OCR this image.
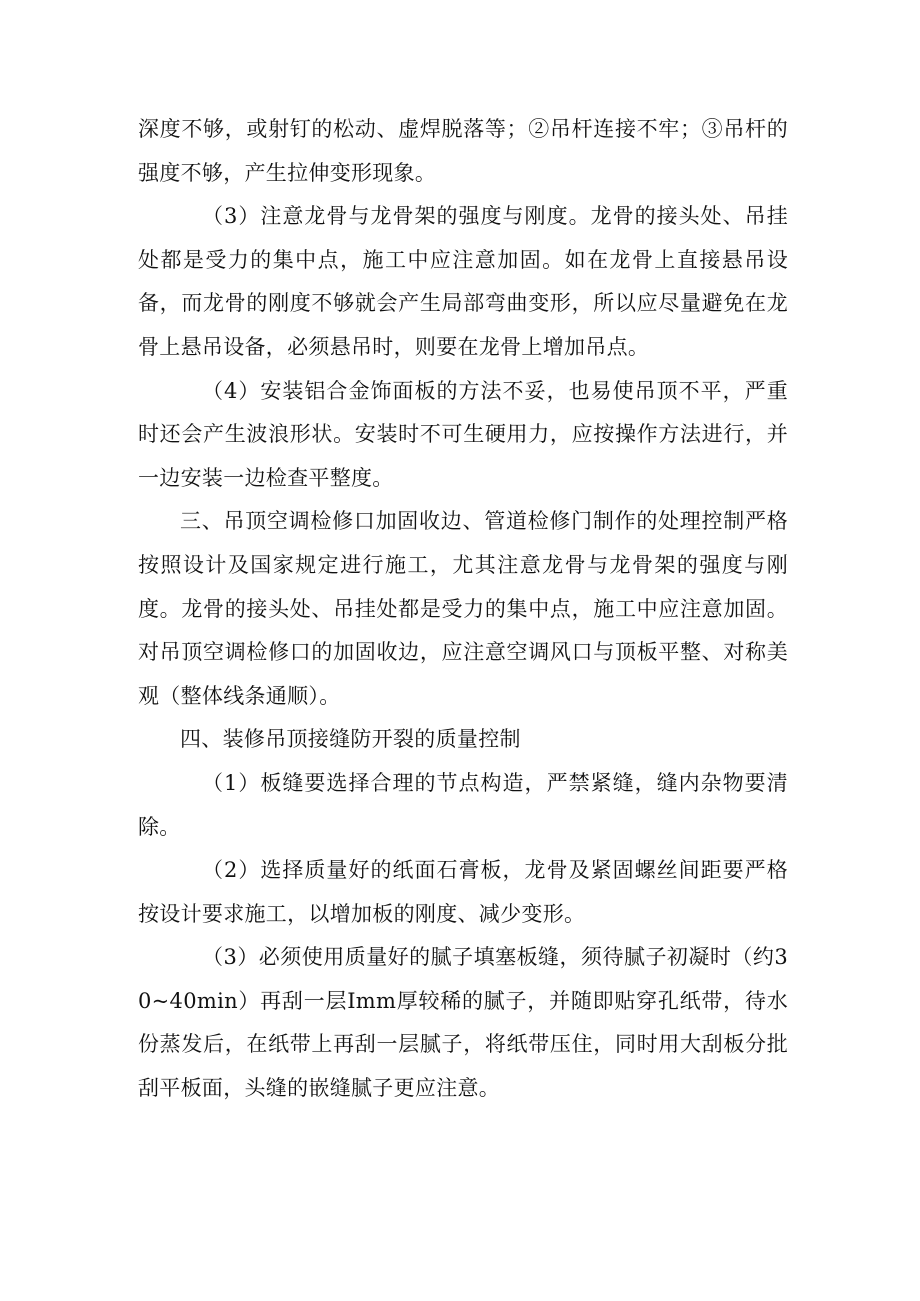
深度不够，或射钉的松动、虚焊脱落等；②吊杆连接不牢；③吊杆的强度不够，产生拉伸变形现象。

（3）注意龙骨与龙骨架的强度与刚度。龙骨的接头处、吊挂处都是受力的集中点，施工中应注意加固。如在龙骨上直接悬吊设备，而龙骨的刚度不够就会产生局部弯曲变形，所以应尽量避免在龙骨上悬吊设备，必须悬吊时，则要在龙骨上增加吊点。

（4）安装铝合金饰面板的方法不妥，也易使吊顶不平，严重时还会产生波浪形状。安装时不可生硬用力，应按操作方法进行，并一边安装一边检查平整度。

三、吊顶空调检修口加固收边、管道检修门制作的处理控制严格按照设计及国家规定进行施工，尤其注意龙骨与龙骨架的强度与刚度。龙骨的接头处、吊挂处都是受力的集中点，施工中应注意加固。对吊顶空调检修口的加固收边，应注意空调风口与顶板平整、对称美观（整体线条通顺）。

四、装修吊顶接缝防开裂的质量控制

（1）板缝要选择合理的节点构造，严禁紧缝，缝内杂物要清除。

（2）选择质量好的纸面石膏板，龙骨及紧固螺丝间距要严格按设计要求施工，以增加板的刚度、减少变形。

（3）必须使用质量好的腻子填塞板缝，须待腻子初凝时（约30~40min）再刮一层Imm厚较稀的腻子，并随即贴穿孔纸带，待水份蒸发后，在纸带上再刮一层腻子，将纸带压住，同时用大刮板分批刮平板面，头缝的嵌缝腻子更应注意。
